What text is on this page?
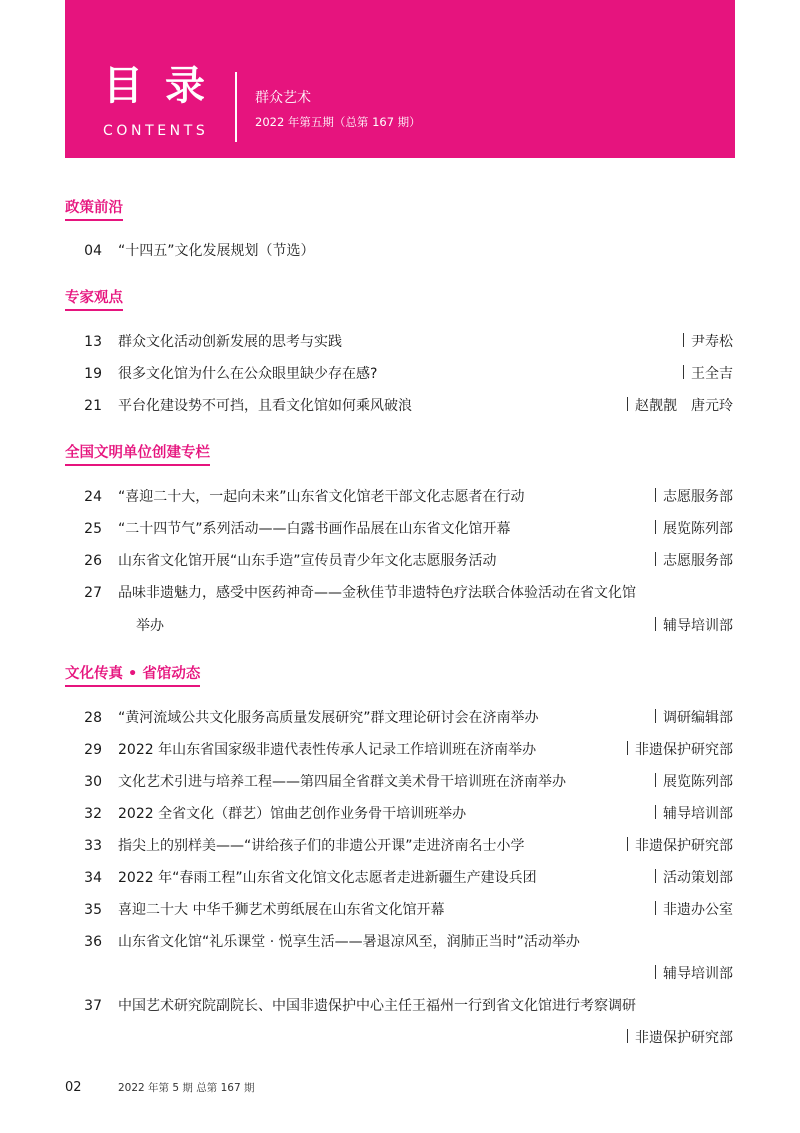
目录
CONTENTS
群众艺术
2022 年第五期（总第 167 期）
政策前沿
04 “十四五”文化发展规划（节选）
专家观点
13 群众文化活动创新发展的思考与实践	尹寿松
19 很多文化馆为什么在公众眼里缺少存在感?	王全吉
21 平台化建设势不可挡，且看文化馆如何乘风破浪	赵靓靓　唐元玲
全国文明单位创建专栏
24 “喜迎二十大，一起向未来”山东省文化馆老干部文化志愿者在行动	志愿服务部
25 “二十四节气”系列活动——白露书画作品展在山东省文化馆开幕	展览陈列部
26 山东省文化馆开展“山东手造”宣传员青少年文化志愿服务活动	志愿服务部
27 品味非遗魅力，感受中医药神奇——金秋佳节非遗特色疗法联合体验活动在省文化馆
举办	辅导培训部
文化传真 • 省馆动态
28 “黄河流域公共文化服务高质量发展研究”群文理论研讨会在济南举办	调研编辑部
29 2022 年山东省国家级非遗代表性传承人记录工作培训班在济南举办	非遗保护研究部
30 文化艺术引进与培养工程——第四届全省群文美术骨干培训班在济南举办	展览陈列部
32 2022 全省文化（群艺）馆曲艺创作业务骨干培训班举办	辅导培训部
33 指尖上的别样美——“讲给孩子们的非遗公开课”走进济南名士小学	非遗保护研究部
34 2022 年“春雨工程”山东省文化馆文化志愿者走进新疆生产建设兵团	活动策划部
35 喜迎二十大 中华千狮艺术剪纸展在山东省文化馆开幕	非遗办公室
36 山东省文化馆“礼乐课堂 · 悦享生活——暑退凉风至，润肺正当时”活动举办
辅导培训部
37 中国艺术研究院副院长、中国非遗保护中心主任王福州一行到省文化馆进行考察调研
非遗保护研究部
02	2022 年第 5 期 总第 167 期
